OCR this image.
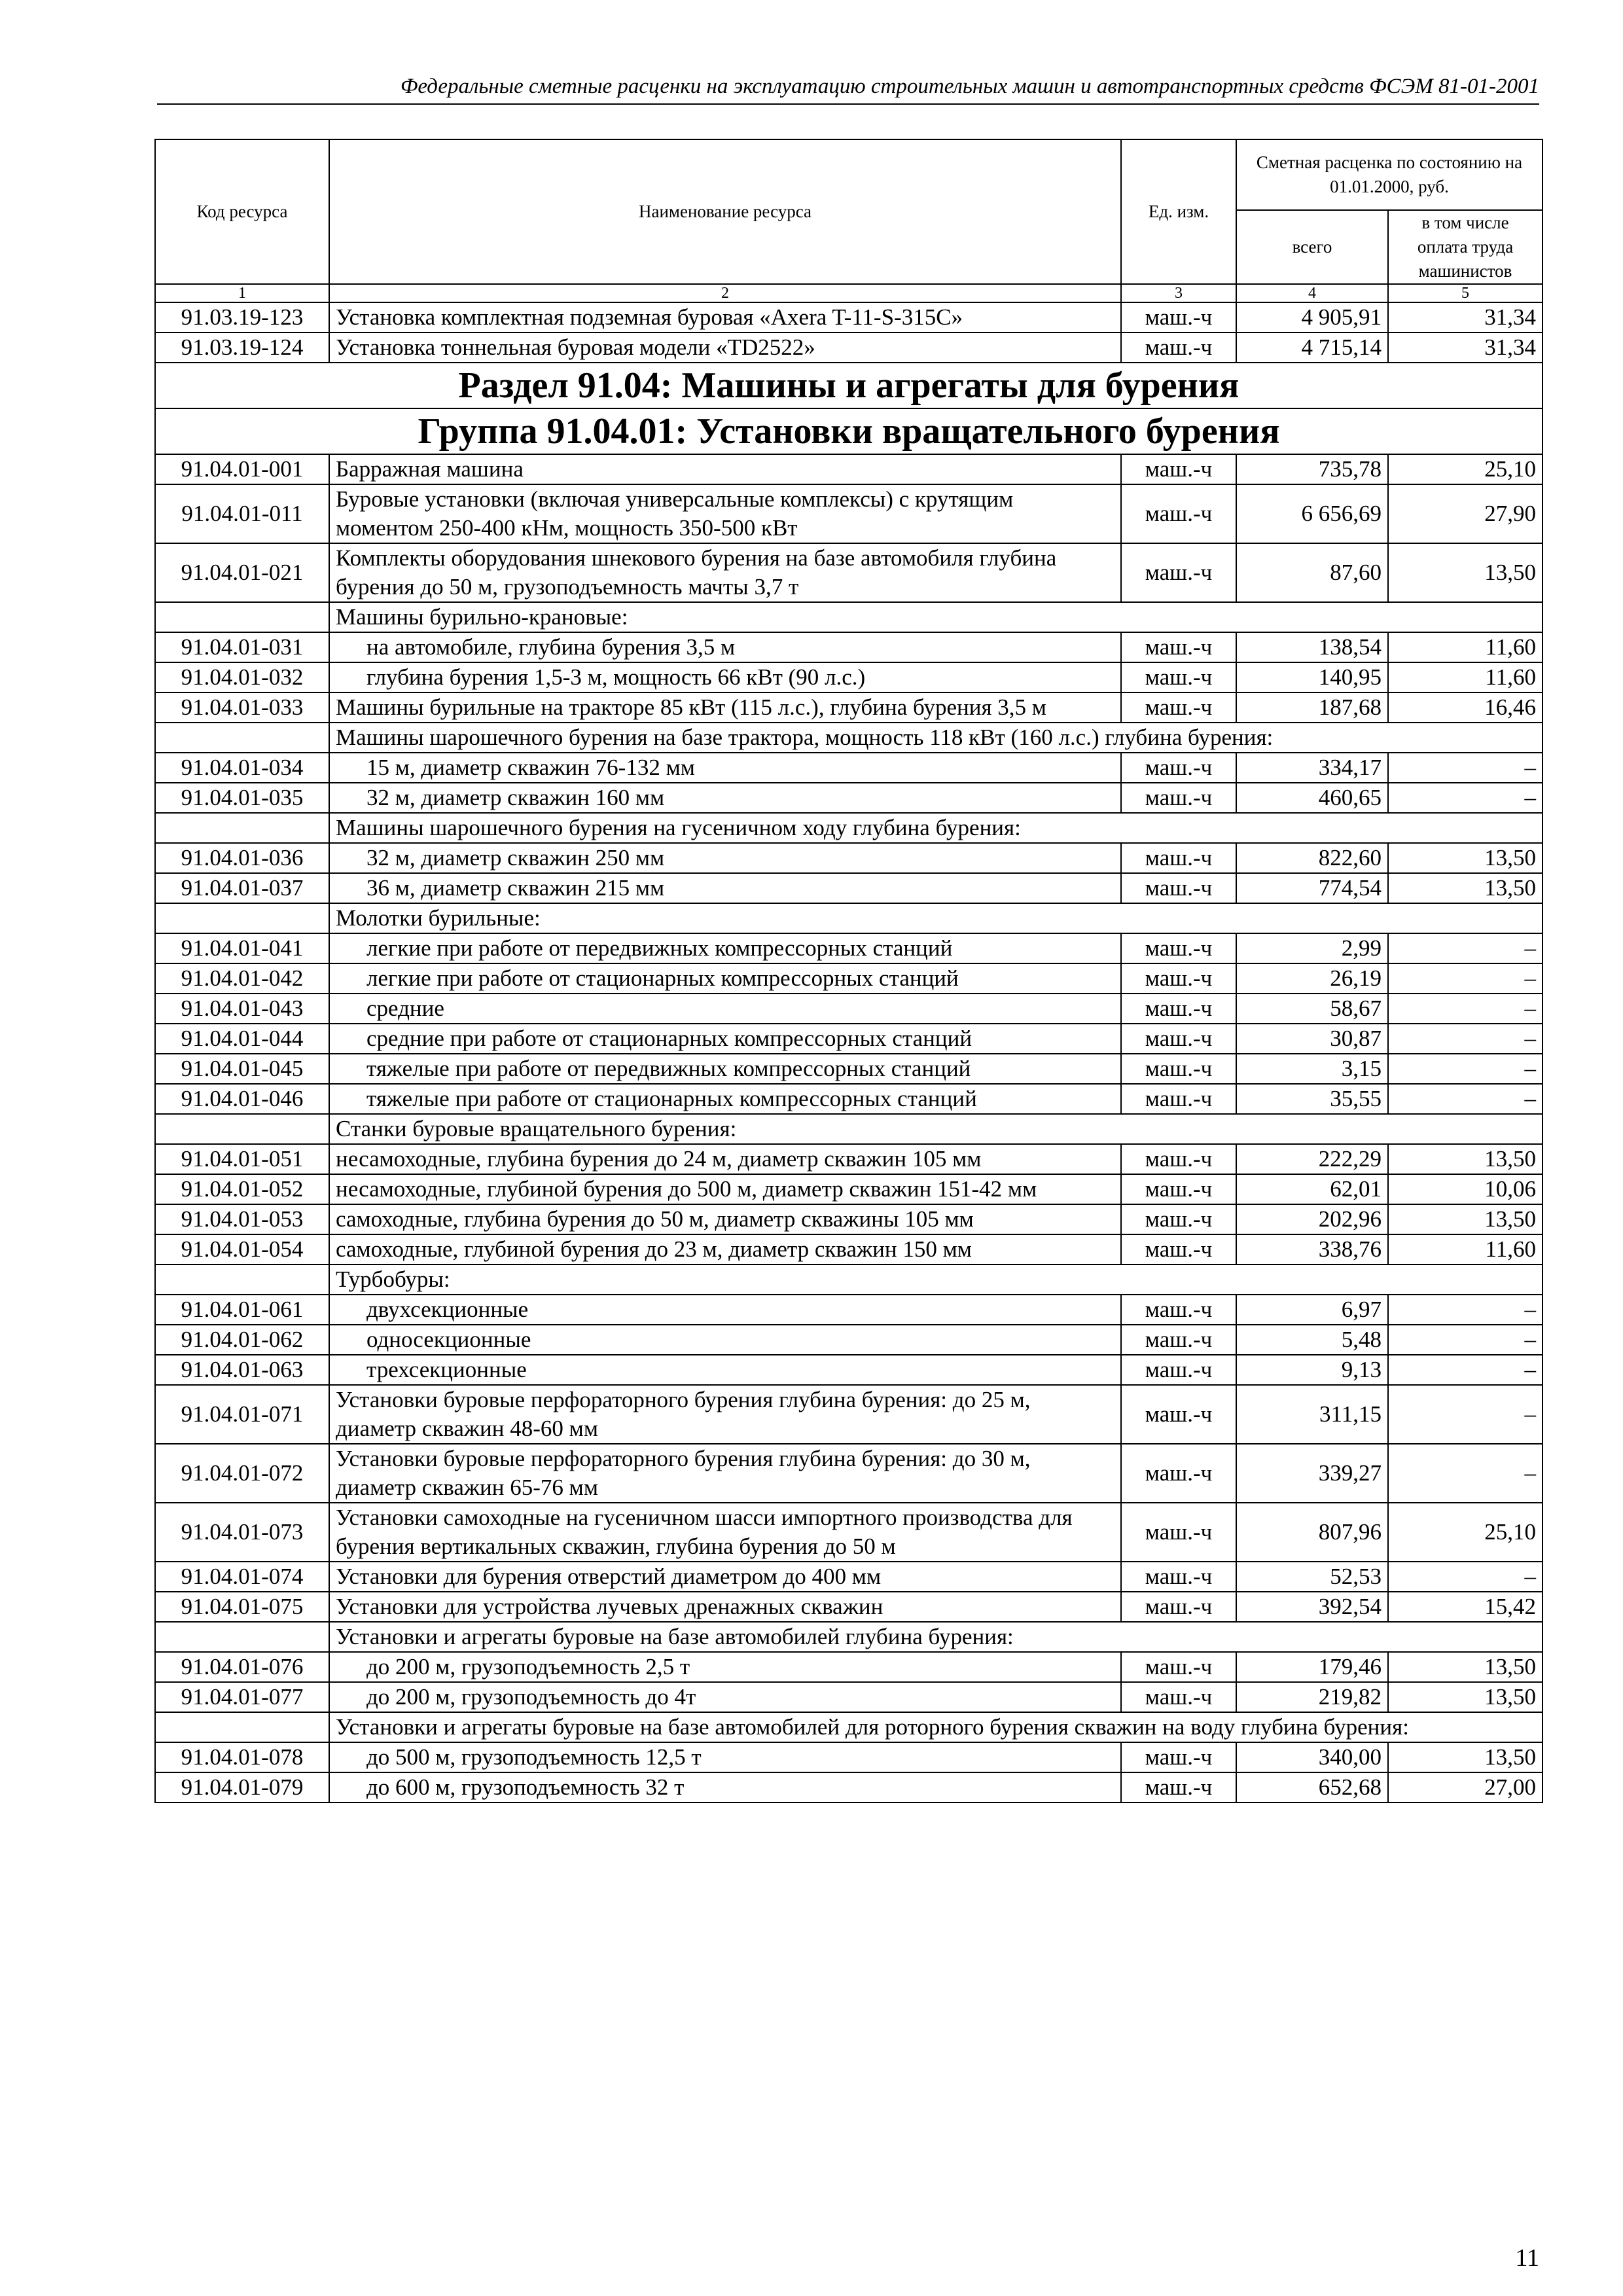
Федеральные сметные расценки на эксплуатацию строительных машин и автотранспортных средств ФСЭМ 81-01-2001
Код ресурса	Наименование ресурса	Ед. изм.	Сметная расценка по состоянию на 01.01.2000, руб.	
			всего	в том числе оплата труда машинистов
1	2	3	4	5
91.03.19-123	Установка комплектная подземная буровая «Axera T-11-S-315C»	маш.-ч	4 905,91	31,34
91.03.19-124	Установка тоннельная буровая модели «TD2522»	маш.-ч	4 715,14	31,34
Раздел 91.04: Машины и агрегаты для бурения				
Группа 91.04.01: Установки вращательного бурения				
91.04.01-001	Барражная машина	маш.-ч	735,78	25,10
91.04.01-011	Буровые установки (включая универсальные комплексы) с крутящим моментом 250-400 кНм, мощность 350-500 кВт	маш.-ч	6 656,69	27,90
91.04.01-021	Комплекты оборудования шнекового бурения на базе автомобиля глубина бурения до 50 м, грузоподъемность мачты 3,7 т	маш.-ч	87,60	13,50
	Машины бурильно-крановые:			
91.04.01-031	на автомобиле, глубина бурения 3,5 м	маш.-ч	138,54	11,60
91.04.01-032	глубина бурения 1,5-3 м, мощность 66 кВт (90 л.с.)	маш.-ч	140,95	11,60
91.04.01-033	Машины бурильные на тракторе 85 кВт (115 л.с.), глубина бурения 3,5 м	маш.-ч	187,68	16,46
	Машины шарошечного бурения на базе трактора, мощность 118 кВт (160 л.с.) глубина бурения:			
91.04.01-034	15 м, диаметр скважин 76-132 мм	маш.-ч	334,17	–
91.04.01-035	32 м, диаметр скважин 160 мм	маш.-ч	460,65	–
	Машины шарошечного бурения на гусеничном ходу глубина бурения:			
91.04.01-036	32 м, диаметр скважин 250 мм	маш.-ч	822,60	13,50
91.04.01-037	36 м, диаметр скважин 215 мм	маш.-ч	774,54	13,50
	Молотки бурильные:			
91.04.01-041	легкие при работе от передвижных компрессорных станций	маш.-ч	2,99	–
91.04.01-042	легкие при работе от стационарных компрессорных станций	маш.-ч	26,19	–
91.04.01-043	средние	маш.-ч	58,67	–
91.04.01-044	средние при работе от стационарных компрессорных станций	маш.-ч	30,87	–
91.04.01-045	тяжелые при работе от передвижных компрессорных станций	маш.-ч	3,15	–
91.04.01-046	тяжелые при работе от стационарных компрессорных станций	маш.-ч	35,55	–
	Станки буровые вращательного бурения:			
91.04.01-051	несамоходные, глубина бурения до 24 м, диаметр скважин 105 мм	маш.-ч	222,29	13,50
91.04.01-052	несамоходные, глубиной бурения до 500 м, диаметр скважин 151-42 мм	маш.-ч	62,01	10,06
91.04.01-053	самоходные, глубина бурения до 50 м, диаметр скважины 105 мм	маш.-ч	202,96	13,50
91.04.01-054	самоходные, глубиной бурения до 23 м, диаметр скважин 150 мм	маш.-ч	338,76	11,60
	Турбобуры:			
91.04.01-061	двухсекционные	маш.-ч	6,97	–
91.04.01-062	односекционные	маш.-ч	5,48	–
91.04.01-063	трехсекционные	маш.-ч	9,13	–
91.04.01-071	Установки буровые перфораторного бурения глубина бурения: до 25 м, диаметр скважин 48-60 мм	маш.-ч	311,15	–
91.04.01-072	Установки буровые перфораторного бурения глубина бурения: до 30 м, диаметр скважин 65-76 мм	маш.-ч	339,27	–
91.04.01-073	Установки самоходные на гусеничном шасси импортного производства для бурения вертикальных скважин, глубина бурения до 50 м	маш.-ч	807,96	25,10
91.04.01-074	Установки для бурения отверстий диаметром до 400 мм	маш.-ч	52,53	–
91.04.01-075	Установки для устройства лучевых дренажных скважин	маш.-ч	392,54	15,42
	Установки и агрегаты буровые на базе автомобилей глубина бурения:			
91.04.01-076	до 200 м, грузоподъемность 2,5 т	маш.-ч	179,46	13,50
91.04.01-077	до 200 м, грузоподъемность до 4т	маш.-ч	219,82	13,50
	Установки и агрегаты буровые на базе автомобилей для роторного бурения скважин на воду глубина бурения:			
91.04.01-078	до 500 м, грузоподъемность 12,5 т	маш.-ч	340,00	13,50
91.04.01-079	до 600 м, грузоподъемность 32 т	маш.-ч	652,68	27,00
11
